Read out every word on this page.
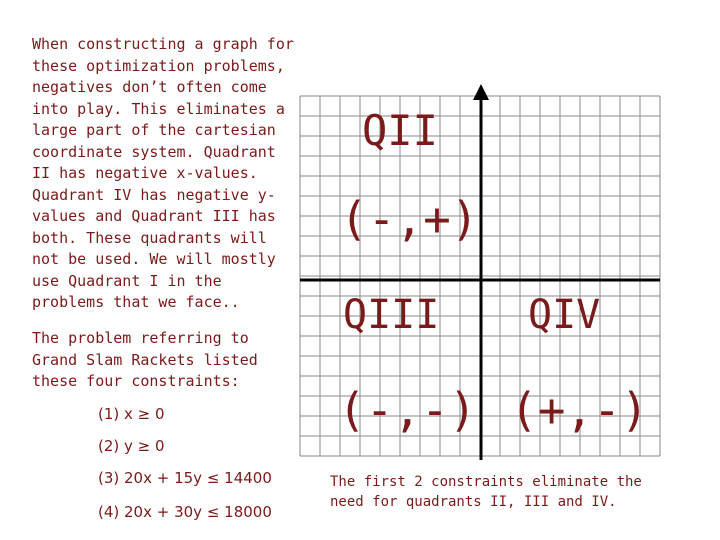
When constructing a graph for these optimization problems, negatives don’t often come into play. This eliminates a large part of the cartesian coordinate system. Quadrant II has negative x-values. Quadrant IV has negative y-values and Quadrant III has both. These quadrants will not be used. We will mostly use Quadrant I in the problems that we face..
The problem referring to Grand Slam Rackets listed these four constraints:
(1) x ≥ 0
(2) y ≥ 0
(3) 20x + 15y ≤ 14400
(4) 20x + 30y ≤ 18000
QII
(-,+)
QIII QIV
(-,-) (+,-)
The first 2 constraints eliminate the need for quadrants II, III and IV.
